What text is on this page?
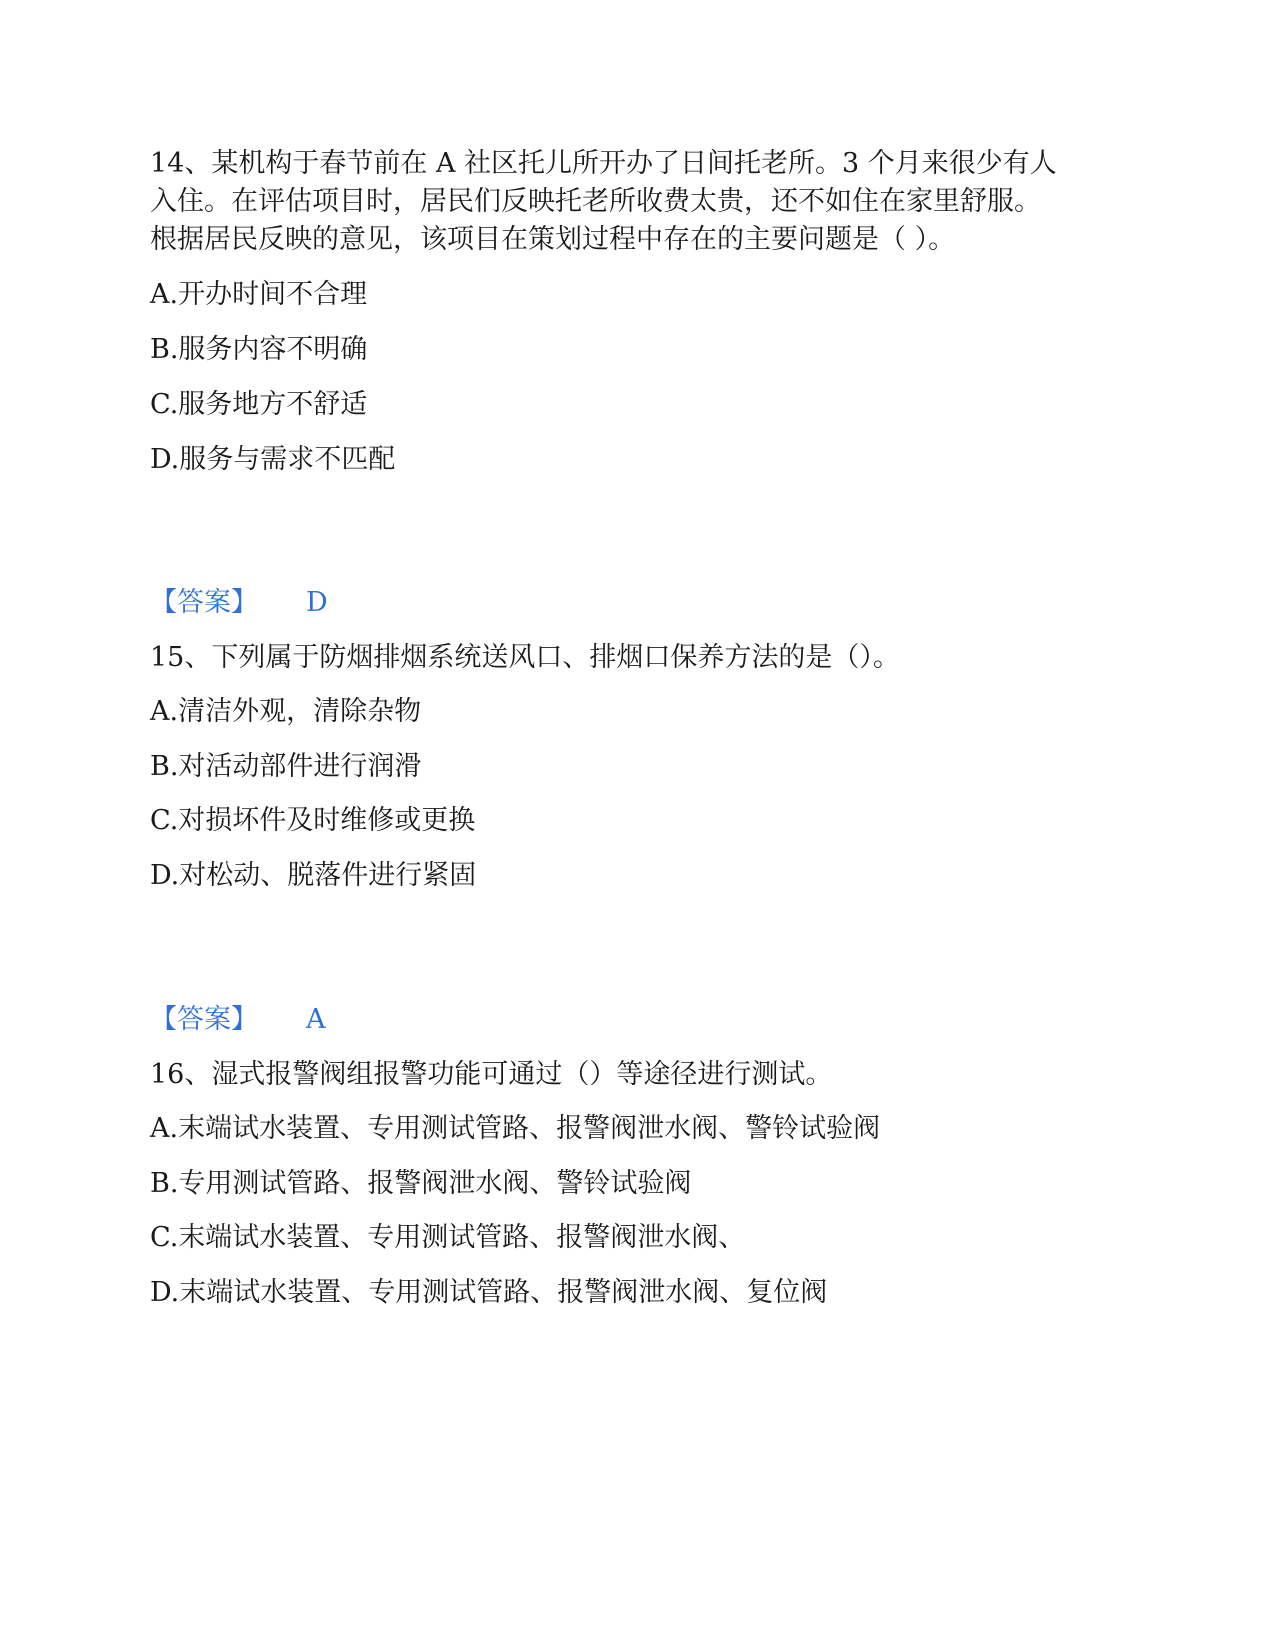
14、某机构于春节前在 A 社区托儿所开办了日间托老所。3 个月来很少有人
入住。在评估项目时，居民们反映托老所收费太贵，还不如住在家里舒服。
根据居民反映的意见，该项目在策划过程中存在的主要问题是（ ）。
A.开办时间不合理
B.服务内容不明确
C.服务地方不舒适
D.服务与需求不匹配
【答案】 D
15、下列属于防烟排烟系统送风口、排烟口保养方法的是（）。
A.清洁外观，清除杂物
B.对活动部件进行润滑
C.对损坏件及时维修或更换
D.对松动、脱落件进行紧固
【答案】 A
16、湿式报警阀组报警功能可通过（）等途径进行测试。
A.末端试水装置、专用测试管路、报警阀泄水阀、警铃试验阀
B.专用测试管路、报警阀泄水阀、警铃试验阀
C.末端试水装置、专用测试管路、报警阀泄水阀、
D.末端试水装置、专用测试管路、报警阀泄水阀、复位阀
